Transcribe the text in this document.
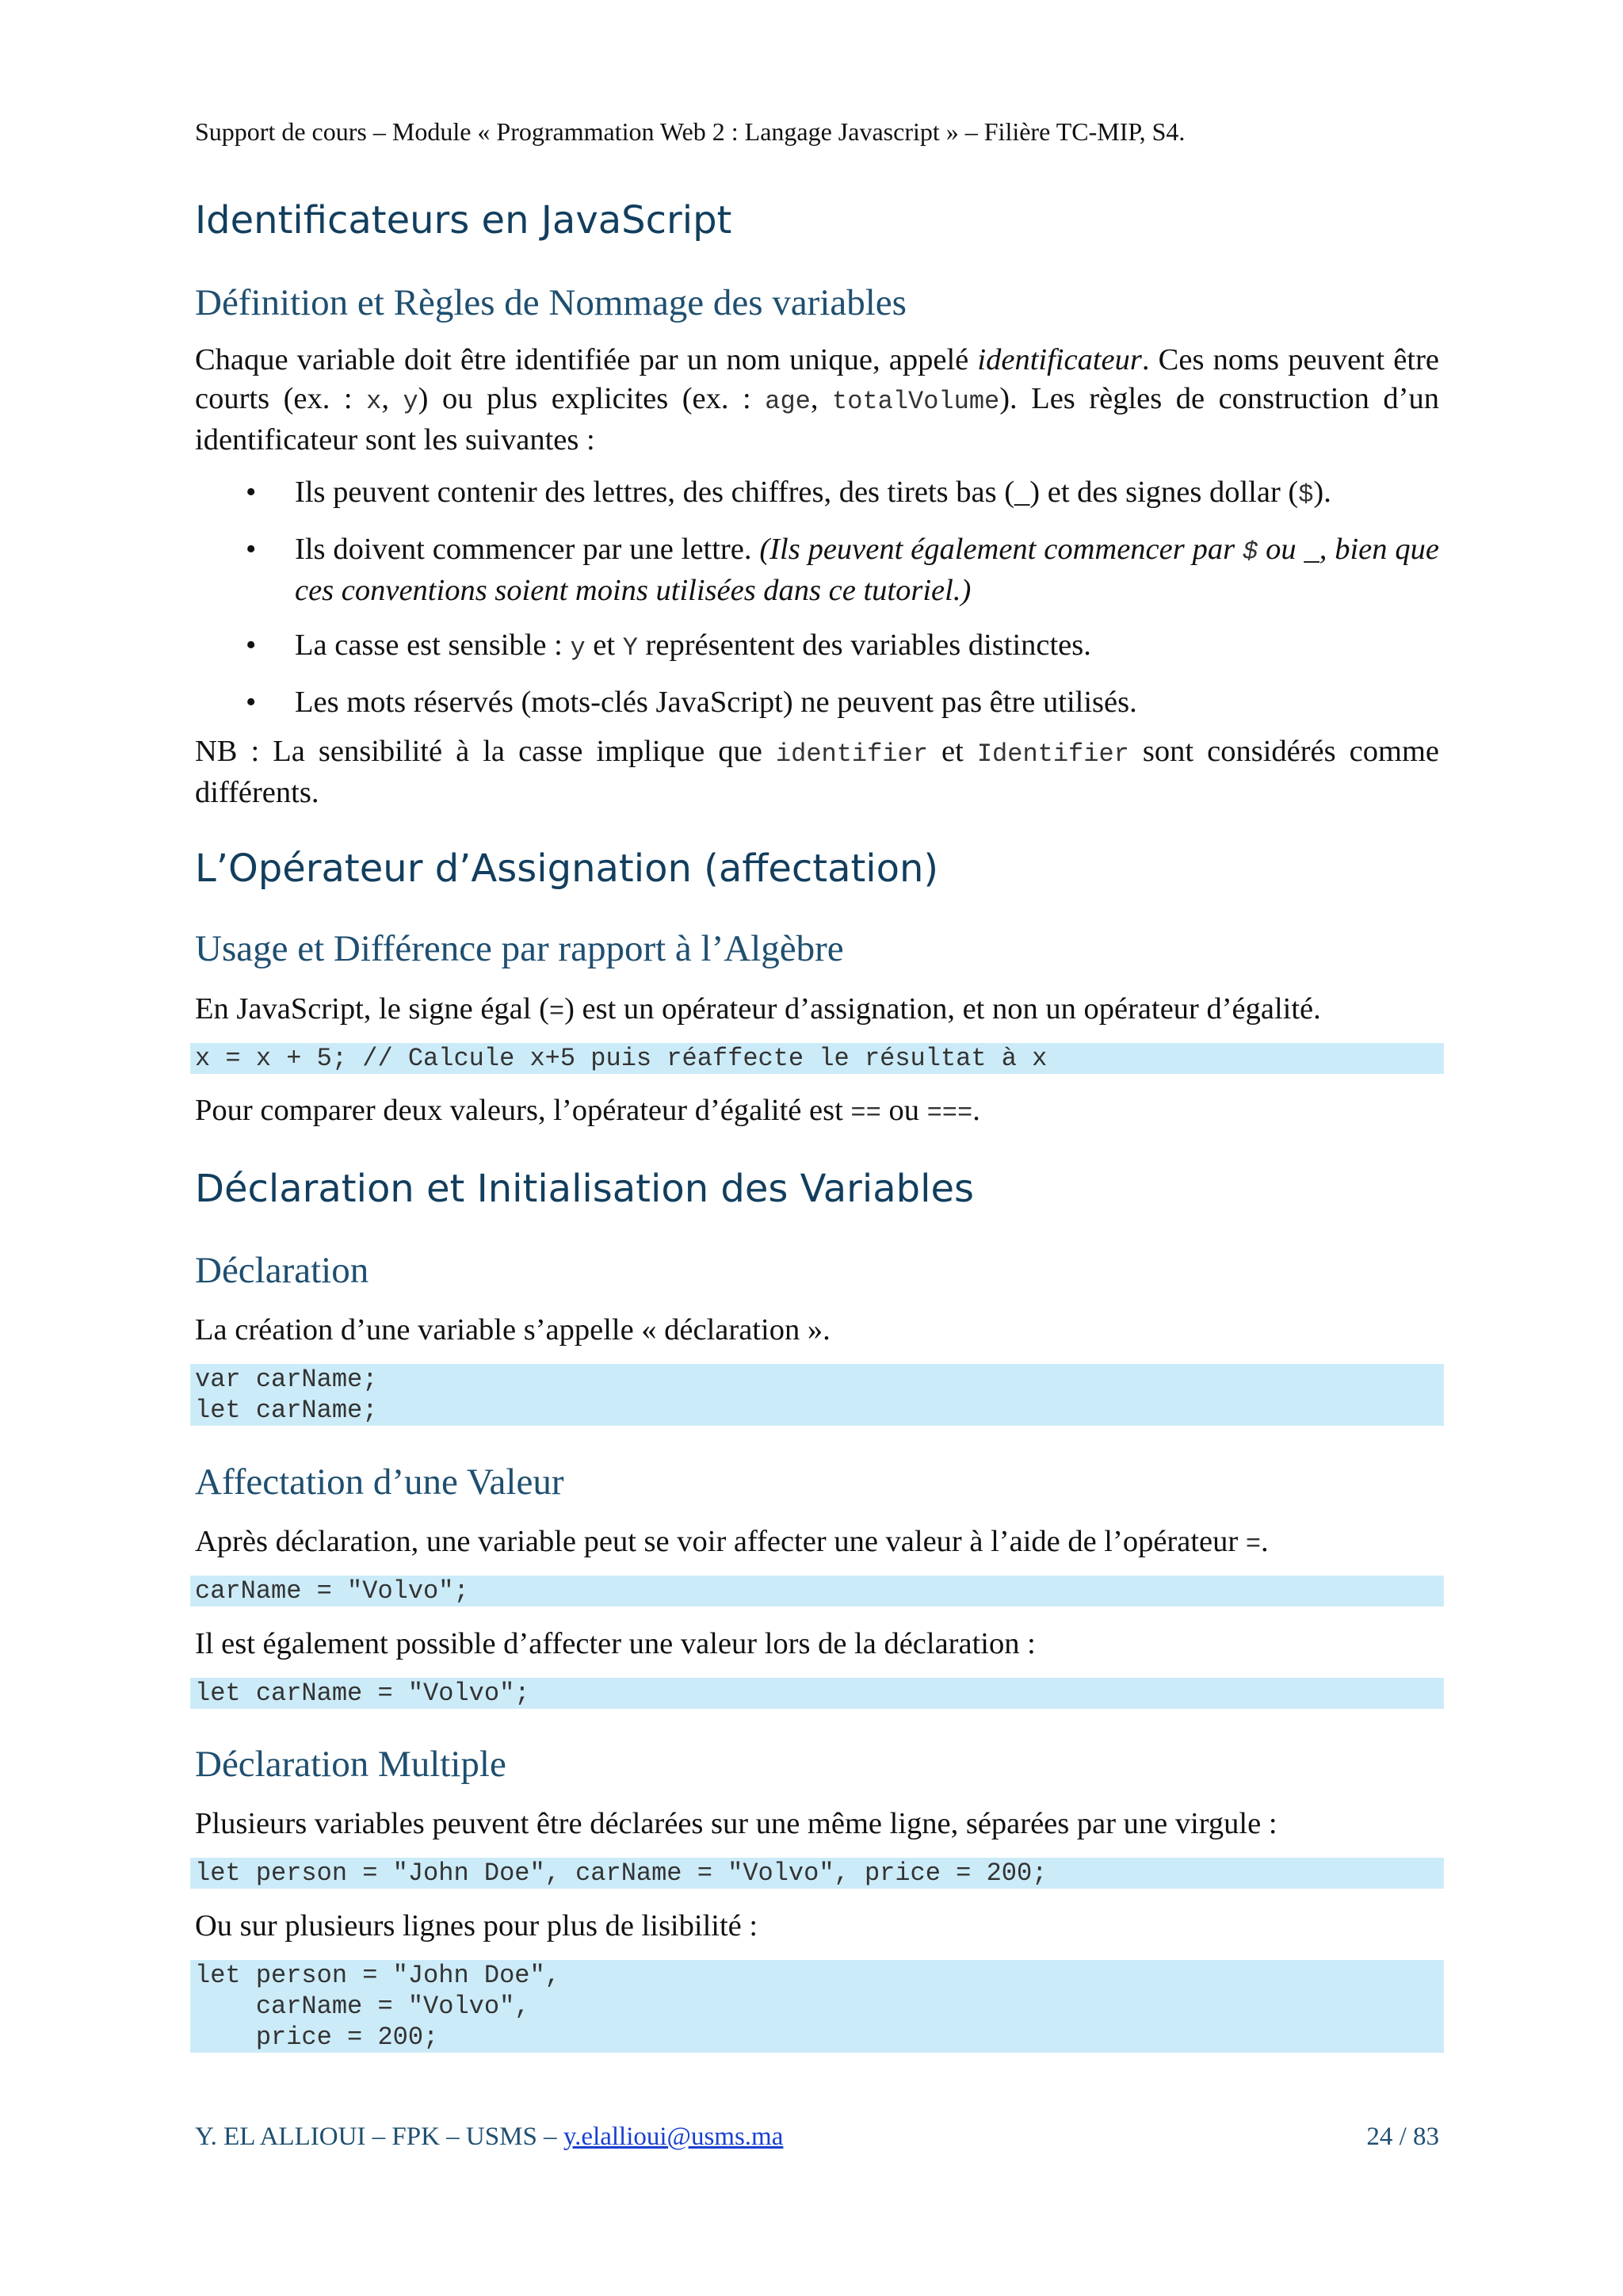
Support de cours – Module « Programmation Web 2 : Langage Javascript » – Filière TC-MIP, S4.
Identificateurs en JavaScript
Définition et Règles de Nommage des variables

Chaque variable doit être identifiée par un nom unique, appelé identificateur. Ces noms peuvent être courts (ex. : x, y) ou plus explicites (ex. : age, totalVolume). Les règles de construction d’un identificateur sont les suivantes :

• Ils peuvent contenir des lettres, des chiffres, des tirets bas (_) et des signes dollar ($).
• Ils doivent commencer par une lettre. (Ils peuvent également commencer par $ ou _, bien que ces conventions soient moins utilisées dans ce tutoriel.)
• La casse est sensible : y et Y représentent des variables distinctes.
• Les mots réservés (mots-clés JavaScript) ne peuvent pas être utilisés.

NB : La sensibilité à la casse implique que identifier et Identifier sont considérés comme différents.

L’Opérateur d’Assignation (affectation)
Usage et Différence par rapport à l’Algèbre

En JavaScript, le signe égal (=) est un opérateur d’assignation, et non un opérateur d’égalité.

x = x + 5; // Calcule x+5 puis réaffecte le résultat à x

Pour comparer deux valeurs, l’opérateur d’égalité est == ou ===.

Déclaration et Initialisation des Variables
Déclaration

La création d’une variable s’appelle « déclaration ».

var carName;
let carName;
Affectation d’une Valeur

Après déclaration, une variable peut se voir affecter une valeur à l’aide de l’opérateur =.

carName = "Volvo";

Il est également possible d’affecter une valeur lors de la déclaration :

let carName = "Volvo";
Déclaration Multiple

Plusieurs variables peuvent être déclarées sur une même ligne, séparées par une virgule :

let person = "John Doe", carName = "Volvo", price = 200;

Ou sur plusieurs lignes pour plus de lisibilité :

let person = "John Doe",
carName = "Volvo",
price = 200;
Y. EL ALLIOUI – FPK – USMS – y.elallioui@usms.ma	24 / 83
